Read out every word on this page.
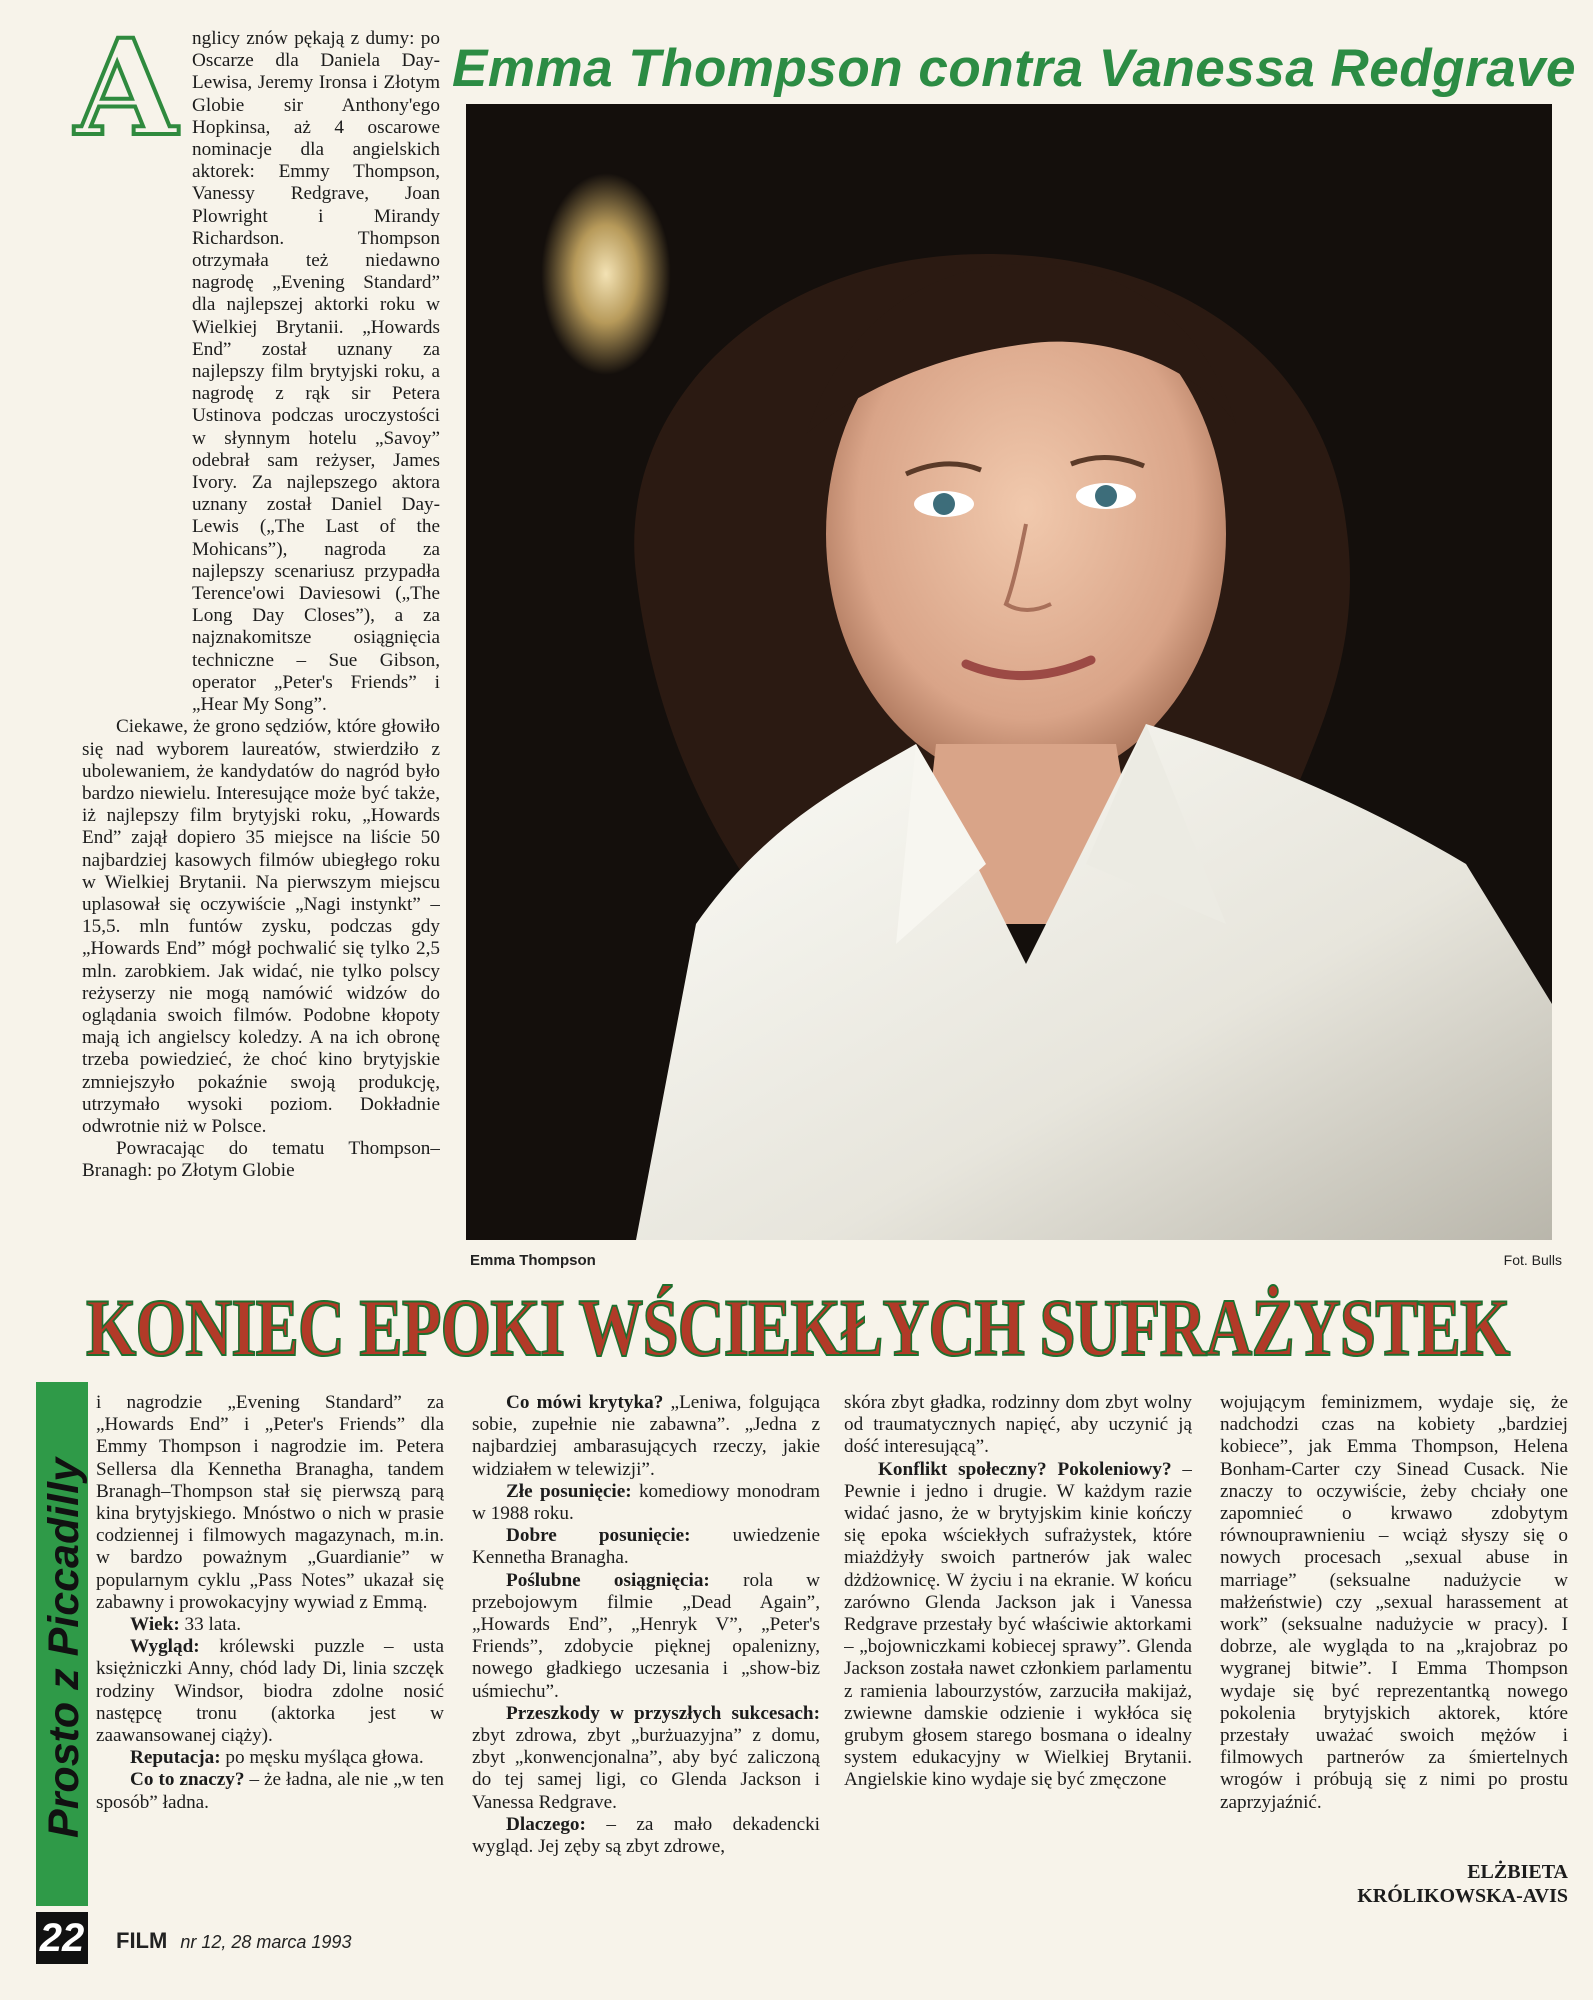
A nglicy znów pękają z dumy: po Oscarze dla Daniela Day-Lewisa, Jeremy Ironsa i Złotym Globie sir Anthony'ego Hopkinsa, aż 4 oscarowe nominacje dla angielskich aktorek: Emmy Thompson, Vanessy Redgrave, Joan Plowright i Mirandy Richardson. Thompson otrzymała też niedawno nagrodę „Evening Standard” dla najlepszej aktorki roku w Wielkiej Brytanii. „Howards End” został uznany za najlepszy film brytyjski roku, a nagrodę z rąk sir Petera Ustinova podczas uroczystości w słynnym hotelu „Savoy” odebrał sam reżyser, James Ivory. Za najlepszego aktora uznany został Daniel Day-Lewis („The Last of the Mohicans”), nagroda za najlepszy scenariusz przypadła Terence'owi Daviesowi („The Long Day Closes”), a za najznakomitsze osiągnięcia techniczne – Sue Gibson, operator „Peter's Friends” i „Hear My Song”.

Ciekawe, że grono sędziów, które głowiło się nad wyborem laureatów, stwierdziło z ubolewaniem, że kandydatów do nagród było bardzo niewielu. Interesujące może być także, iż najlepszy film brytyjski roku, „Howards End” zajął dopiero 35 miejsce na liście 50 najbardziej kasowych filmów ubiegłego roku w Wielkiej Brytanii. Na pierwszym miejscu uplasował się oczywiście „Nagi instynkt” – 15,5. mln funtów zysku, podczas gdy „Howards End” mógł pochwalić się tylko 2,5 mln. zarobkiem. Jak widać, nie tylko polscy reżyserzy nie mogą namówić widzów do oglądania swoich filmów. Podobne kłopoty mają ich angielscy koledzy. A na ich obronę trzeba powiedzieć, że choć kino brytyjskie zmniejszyło pokaźnie swoją produkcję, utrzymało wysoki poziom. Dokładnie odwrotnie niż w Polsce.

Powracając do tematu Thompson–Branagh: po Złotym Globie

Emma Thompson contra Vanessa Redgrave
Emma Thompson	Fot. Bulls
KONIEC EPOKI WŚCIEKŁYCH SUFRAŻYSTEK
Prosto z Piccadilly
22 FILM nr 12, 28 marca 1993

i nagrodzie „Evening Standard” za „Howards End” i „Peter's Friends” dla Emmy Thompson i nagrodzie im. Petera Sellersa dla Kennetha Branagha, tandem Branagh–Thompson stał się pierwszą parą kina brytyjskiego. Mnóstwo o nich w prasie codziennej i filmowych magazynach, m.in. w bardzo poważnym „Guardianie” w popularnym cyklu „Pass Notes” ukazał się zabawny i prowokacyjny wywiad z Emmą.

Wiek: 33 lata.

Wygląd: królewski puzzle – usta księżniczki Anny, chód lady Di, linia szczęk rodziny Windsor, biodra zdolne nosić następcę tronu (aktorka jest w zaawansowanej ciąży).

Reputacja: po męsku myśląca głowa.

Co to znaczy? – że ładna, ale nie „w ten sposób” ładna.

Co mówi krytyka? „Leniwa, folgująca sobie, zupełnie nie zabawna”. „Jedna z najbardziej ambarasujących rzeczy, jakie widziałem w telewizji”.

Złe posunięcie: komediowy monodram w 1988 roku.

Dobre posunięcie: uwiedzenie Kennetha Branagha.

Poślubne osiągnięcia: rola w przebojowym filmie „Dead Again”, „Howards End”, „Henryk V”, „Peter's Friends”, zdobycie pięknej opalenizny, nowego gładkiego uczesania i „show-biz uśmiechu”.

Przeszkody w przyszłych sukcesach: zbyt zdrowa, zbyt „burżuazyjna” z domu, zbyt „konwencjonalna”, aby być zaliczoną do tej samej ligi, co Glenda Jackson i Vanessa Redgrave.

Dlaczego: – za mało dekadencki wygląd. Jej zęby są zbyt zdrowe,

skóra zbyt gładka, rodzinny dom zbyt wolny od traumatycznych napięć, aby uczynić ją dość interesującą”.

Konflikt społeczny? Pokoleniowy? – Pewnie i jedno i drugie. W każdym razie widać jasno, że w brytyjskim kinie kończy się epoka wściekłych sufrażystek, które miażdżyły swoich partnerów jak walec dżdżownicę. W życiu i na ekranie. W końcu zarówno Glenda Jackson jak i Vanessa Redgrave przestały być właściwie aktorkami – „bojowniczkami kobiecej sprawy”. Glenda Jackson została nawet członkiem parlamentu z ramienia labourzystów, zarzuciła makijaż, zwiewne damskie odzienie i wykłóca się grubym głosem starego bosmana o idealny system edukacyjny w Wielkiej Brytanii. Angielskie kino wydaje się być zmęczone

wojującym feminizmem, wydaje się, że nadchodzi czas na kobiety „bardziej kobiece”, jak Emma Thompson, Helena Bonham-Carter czy Sinead Cusack. Nie znaczy to oczywiście, żeby chciały one zapomnieć o krwawo zdobytym równouprawnieniu – wciąż słyszy się o nowych procesach „sexual abuse in marriage” (seksualne nadużycie w małżeństwie) czy „sexual harassement at work” (seksualne nadużycie w pracy). I dobrze, ale wygląda to na „krajobraz po wygranej bitwie”. I Emma Thompson wydaje się być reprezentantką nowego pokolenia brytyjskich aktorek, które przestały uważać swoich mężów i filmowych partnerów za śmiertelnych wrogów i próbują się z nimi po prostu zaprzyjaźnić.

ELŻBIETA
KRÓLIKOWSKA-AVIS
